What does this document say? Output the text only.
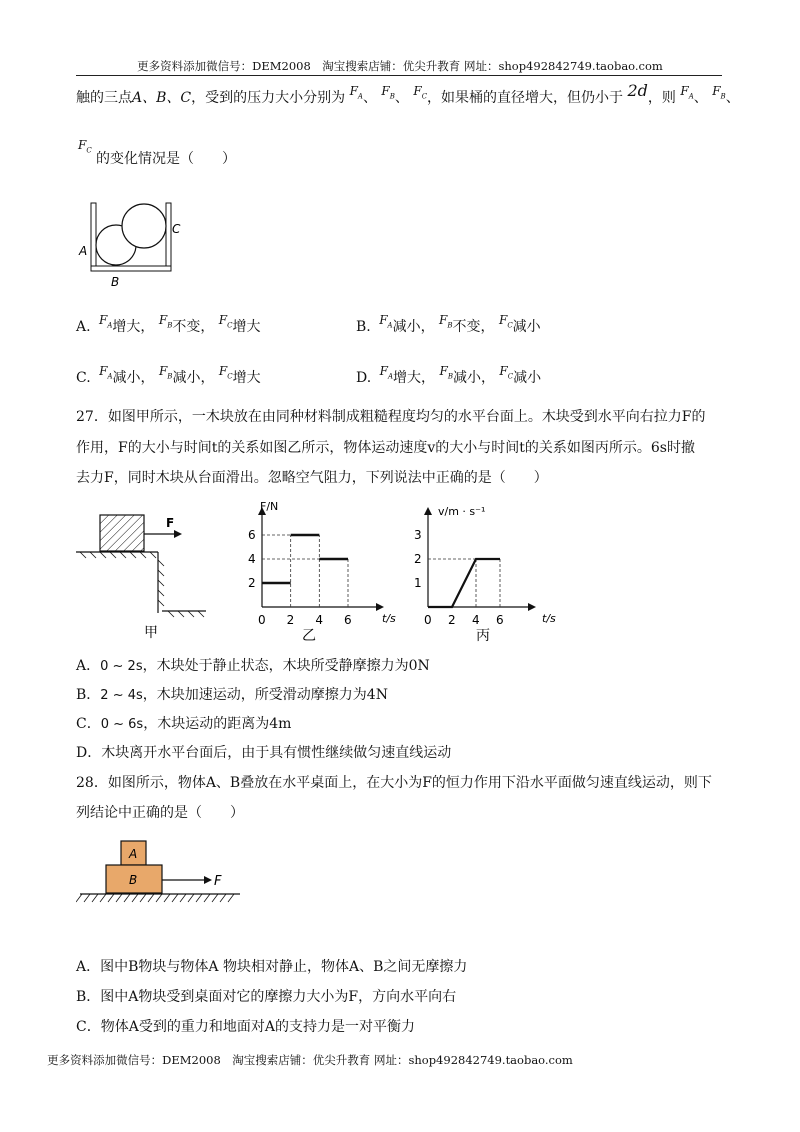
更多资料添加微信号：DEM2008　淘宝搜索店铺：优尖升教育 网址：shop492842749.taobao.com
触的三点A、B、C，受到的压力大小分别为 $F_A$、 $F_B$、 $F_C$，如果桶的直径增大，但仍小于 2d，则 $F_A$、 $F_B$、
$F_C$
的变化情况是（　　）
A
B
C
A. $F_A$增大， $F_B$不变， $F_C$增大	B. $F_A$减小， $F_B$不变， $F_C$减小
C. $F_A$减小， $F_B$减小， $F_C$增大	D. $F_A$增大， $F_B$减小， $F_C$减小
27．如图甲所示，一木块放在由同种材料制成粗糙程度均匀的水平台面上。木块受到水平向右拉力F的
作用，F的大小与时间t的关系如图乙所示，物体运动速度v的大小与时间t的关系如图丙所示。6s时撤
去力F，同时木块从台面滑出。忽略空气阻力，下列说法中正确的是（　　）
F
甲
0 2 4 6
2
4
6
F/N
t/s
乙
0 2 4 6
1
2
3
v/m · s⁻¹
t/s
丙
A．0 ~ 2s，木块处于静止状态，木块所受静摩擦力为0N
B．2 ~ 4s，木块加速运动，所受滑动摩擦力为4N
C．0 ~ 6s，木块运动的距离为4m
D．木块离开水平台面后，由于具有惯性继续做匀速直线运动
28．如图所示，物体A、B叠放在水平桌面上，在大小为F的恒力作用下沿水平面做匀速直线运动，则下
列结论中正确的是（　　）
A
B	F
A．图中B物块与物体A 物块相对静止，物体A、B之间无摩擦力
B．图中A物块受到桌面对它的摩擦力大小为F，方向水平向右
C．物体A受到的重力和地面对A的支持力是一对平衡力
更多资料添加微信号：DEM2008　淘宝搜索店铺：优尖升教育 网址：shop492842749.taobao.com
